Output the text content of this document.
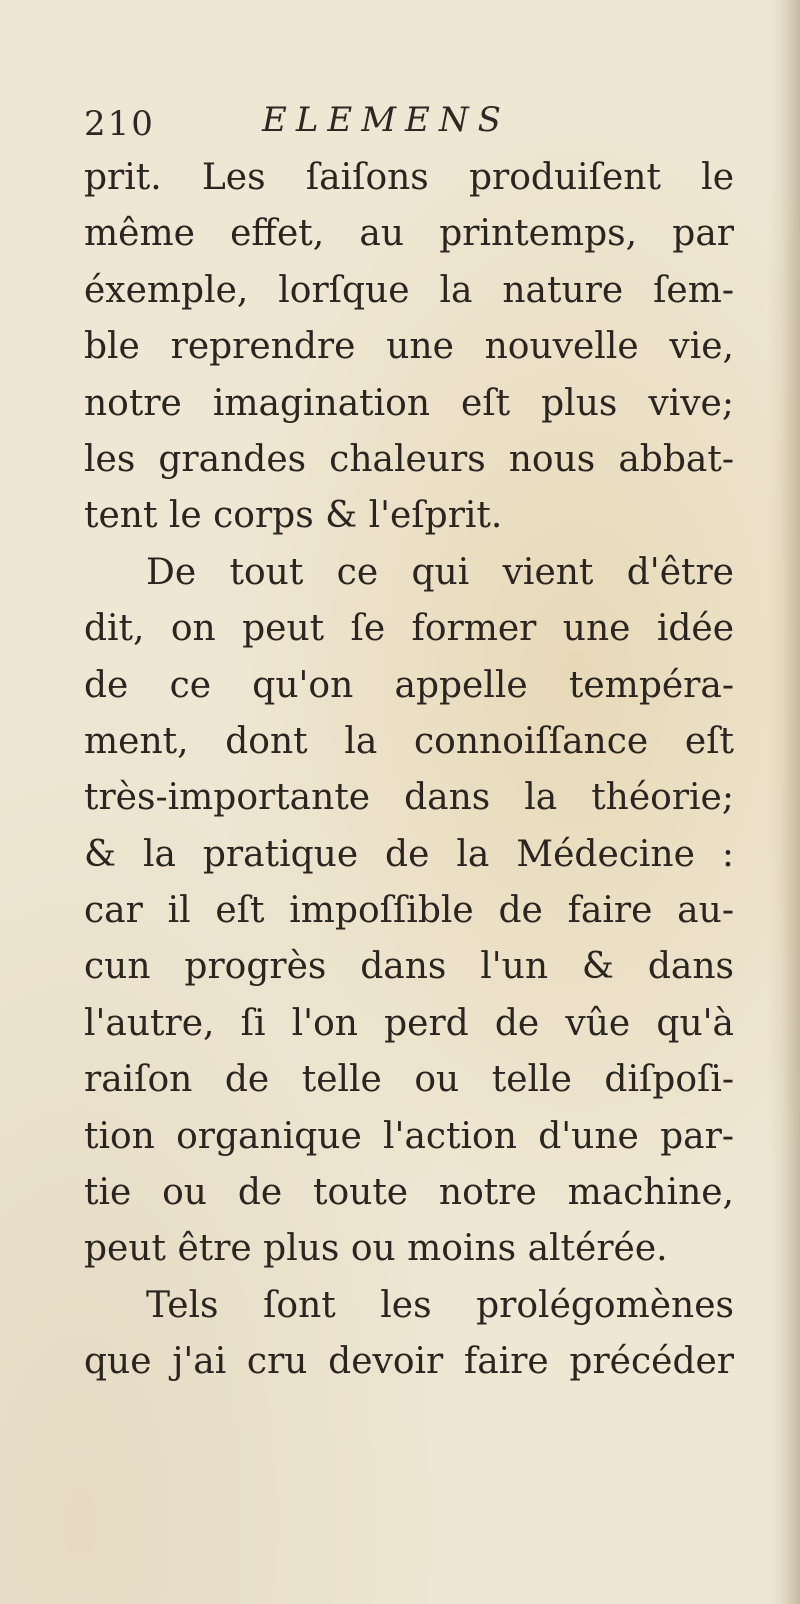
210	ELEMENS
prit. Les ſaiſons produiſent le
même effet, au printemps, par
éxemple, lorſque la nature ſem-
ble reprendre une nouvelle vie,
notre imagination eſt plus vive;
les grandes chaleurs nous abbat-
tent le corps & l'eſprit.
De tout ce qui vient d'être
dit, on peut ſe former une idée
de ce qu'on appelle tempéra-
ment, dont la connoiſſance eſt
très-importante dans la théorie;
& la pratique de la Médecine :
car il eſt impoſſible de faire au-
cun progrès dans l'un & dans
l'autre, ſi l'on perd de vûe qu'à
raiſon de telle ou telle diſpoſi-
tion organique l'action d'une par-
tie ou de toute notre machine,
peut être plus ou moins altérée.
Tels ſont les prolégomènes
que j'ai cru devoir faire précéder
